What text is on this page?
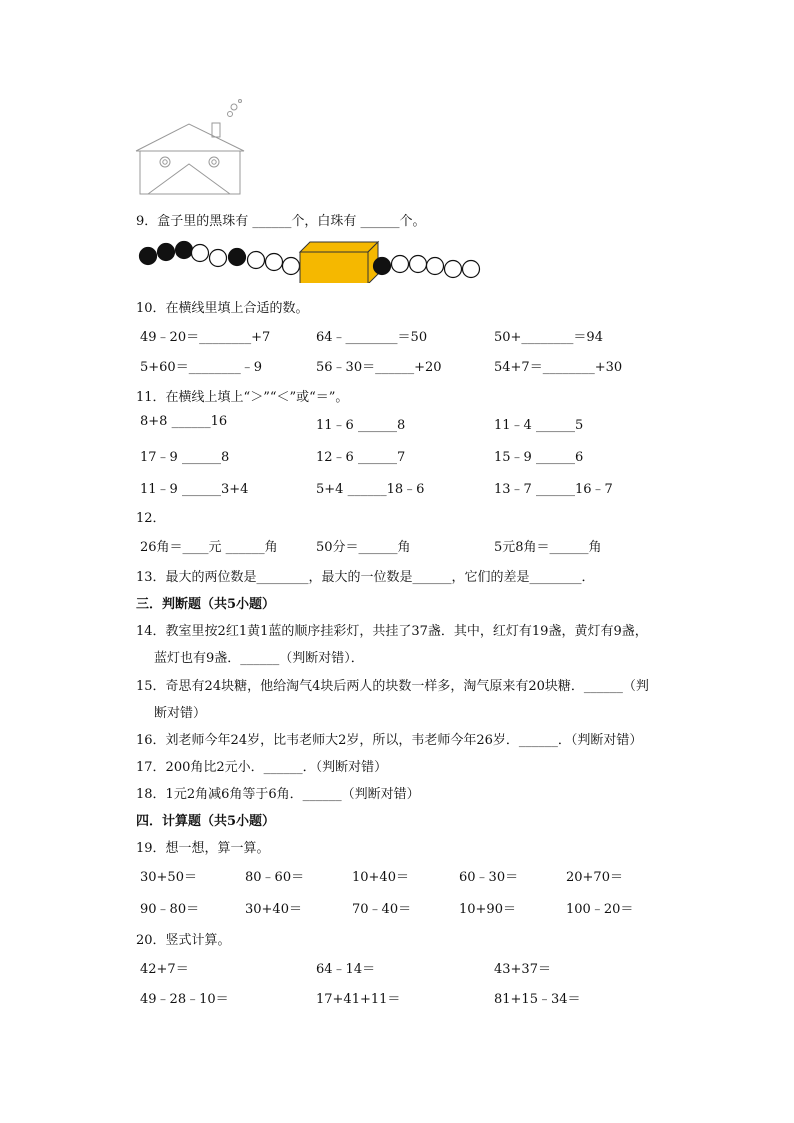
9．盒子里的黑珠有 ______个，白珠有 ______个。
10．在横线里填上合适的数。
49﹣20＝________+7	64﹣________＝50	50+________＝94
5+60＝________﹣9	56﹣30＝______+20	54+7＝________+30
11．在横线上填上“＞”“＜”或“＝”。
8+8 ______16	11﹣6 ______8	11﹣4 ______5
17﹣9 ______8	12﹣6 ______7	15﹣9 ______6
11﹣9 ______3+4	5+4 ______18﹣6	13﹣7 ______16﹣7
12．
26角＝____元 ______角	50分＝______角	5元8角＝______角
13．最大的两位数是________，最大的一位数是______，它们的差是________．
三．判断题（共5小题）
14．教室里按2红1黄1蓝的顺序挂彩灯，共挂了37盏．其中，红灯有19盏，黄灯有9盏，
蓝灯也有9盏．______（判断对错）．
15．奇思有24块糖，他给淘气4块后两人的块数一样多，淘气原来有20块糖．______（判
断对错）
16．刘老师今年24岁，比韦老师大2岁，所以，韦老师今年26岁．______．（判断对错）
17．200角比2元小．______．（判断对错）
18．1元2角减6角等于6角．______（判断对错）
四．计算题（共5小题）
19．想一想，算一算。
30+50＝	80﹣60＝	10+40＝	60﹣30＝	20+70＝
90﹣80＝	30+40＝	70﹣40＝	10+90＝	100﹣20＝
20．竖式计算。
42+7＝	64﹣14＝	43+37＝
49﹣28﹣10＝	17+41+11＝	81+15﹣34＝
